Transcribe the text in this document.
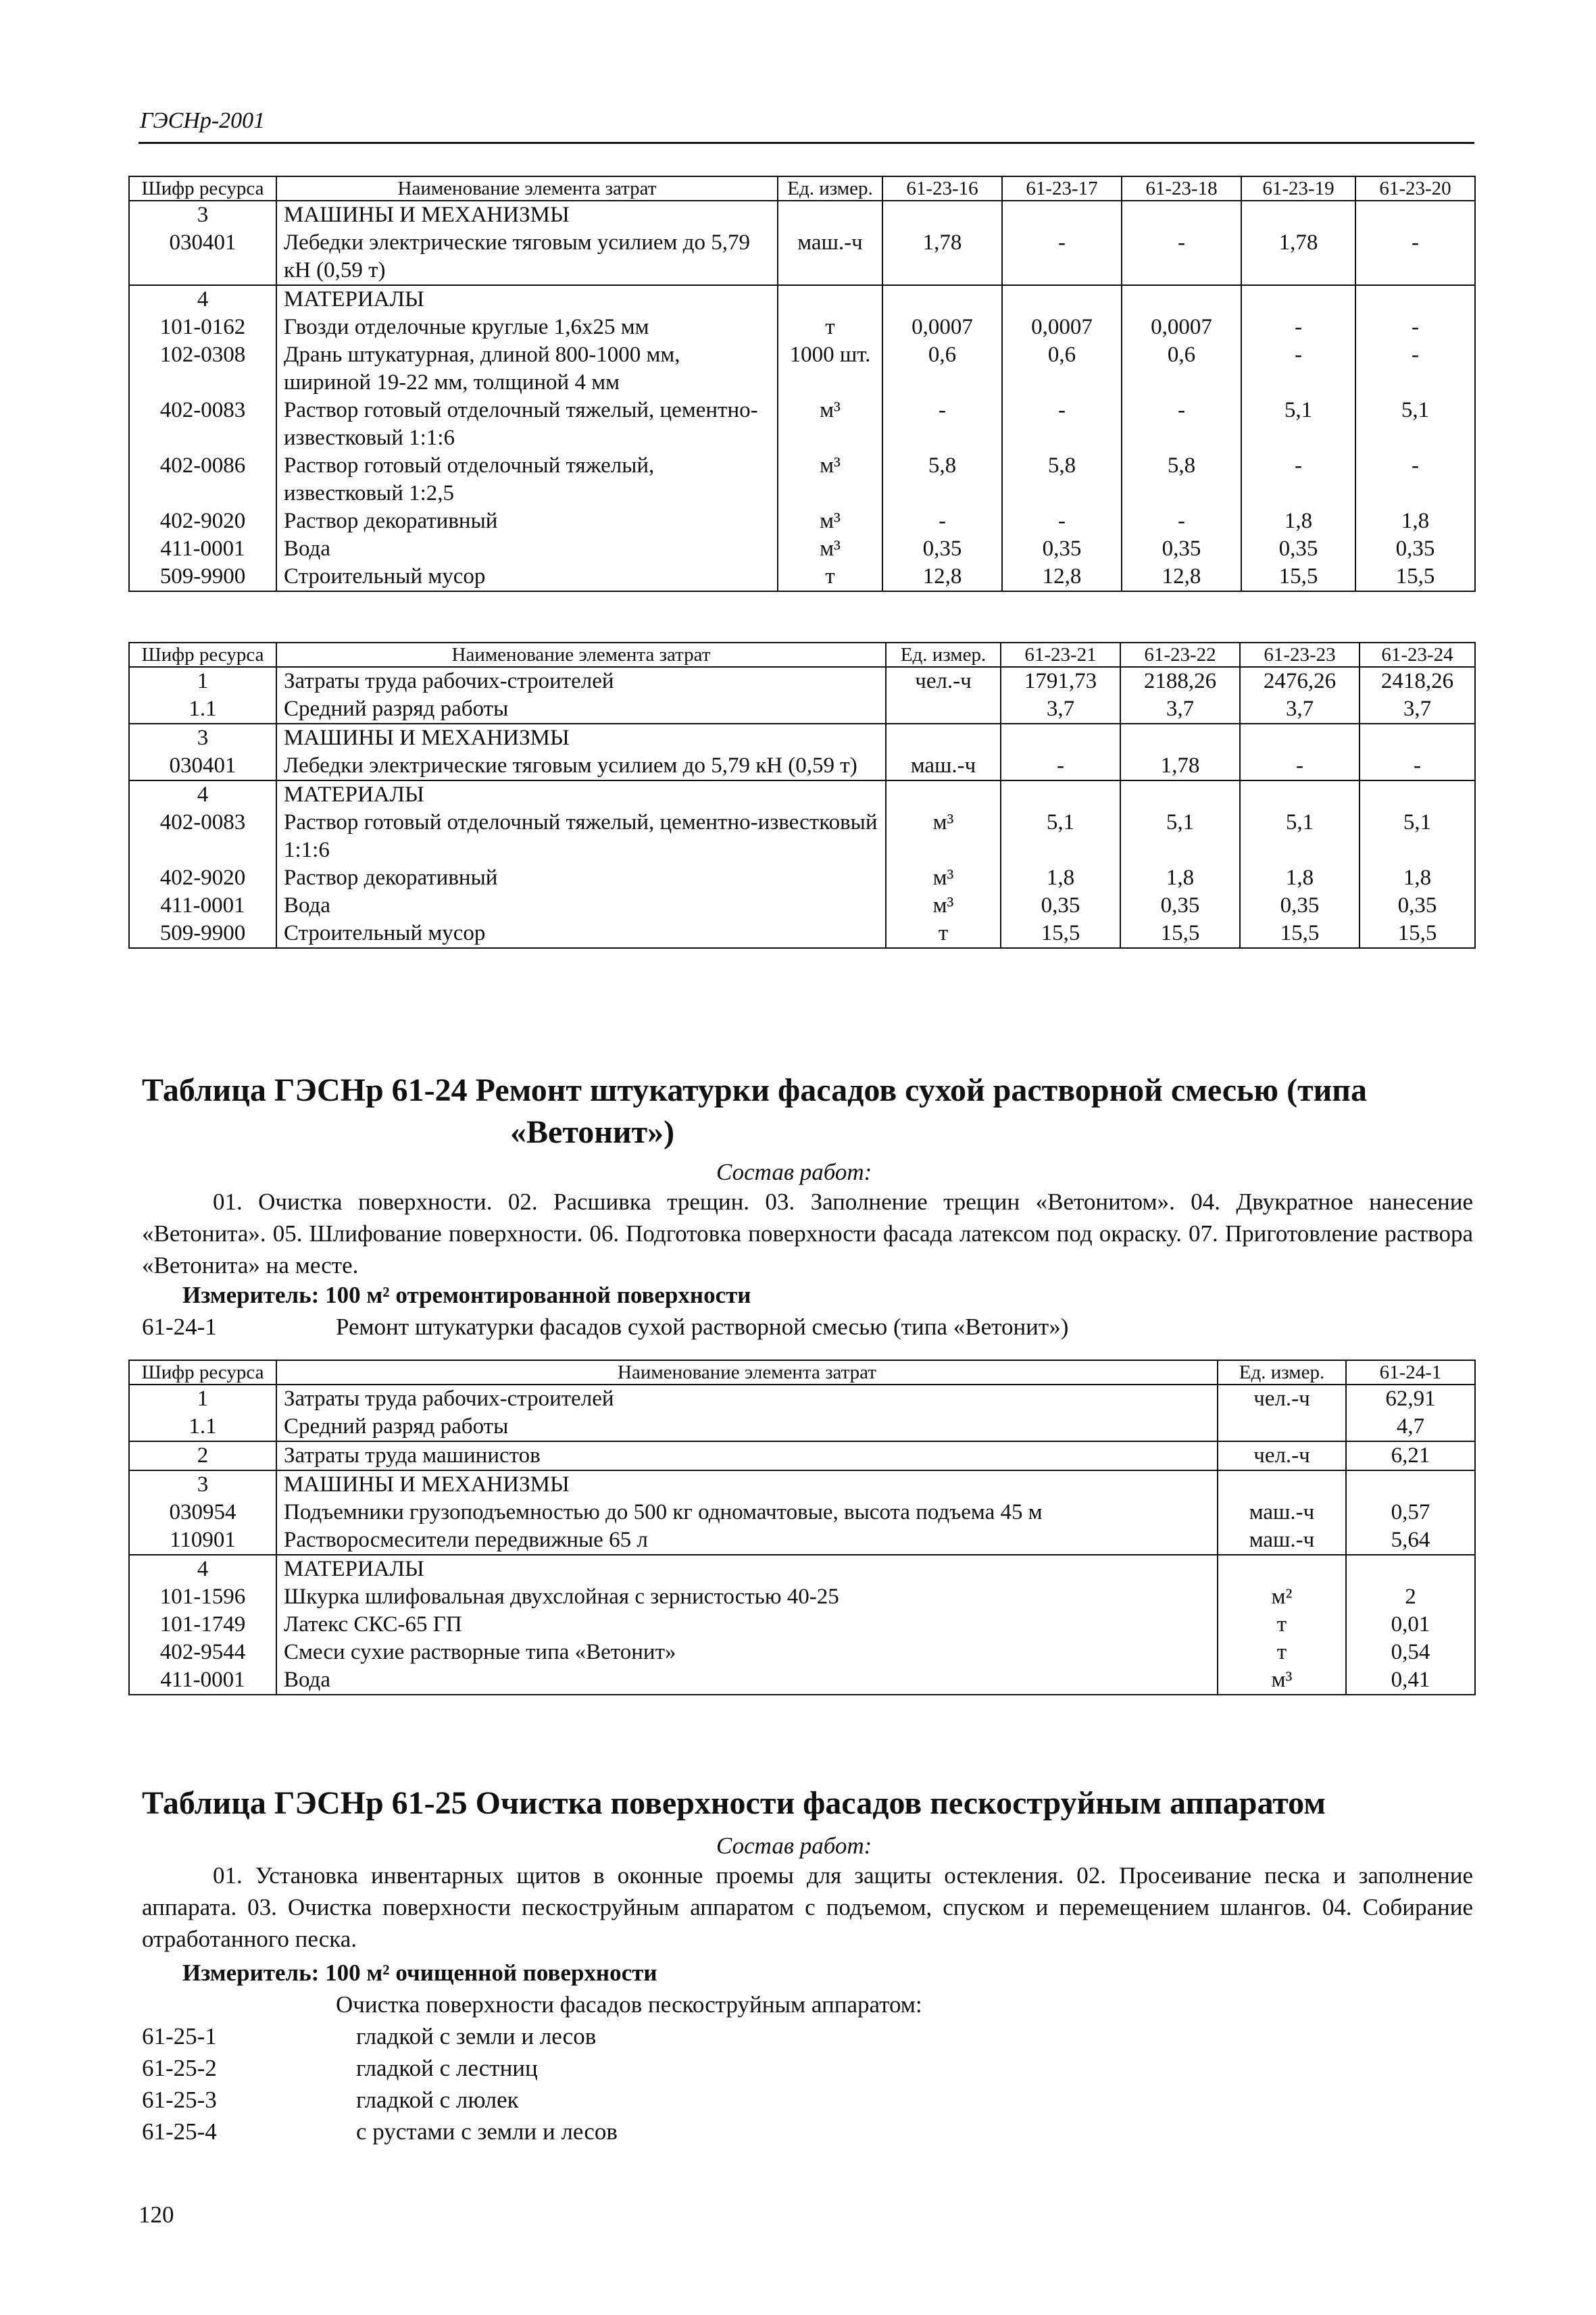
ГЭСНр-2001
Шифр ресурса	Наименование элемента затрат	Ед. измер.	61-23-16	61-23-17	61-23-18	61-23-19	61-23-20
3	МАШИНЫ И МЕХАНИЗМЫ						
030401	Лебедки электрические тяговым усилием до 5,79 кН (0,59 т)	маш.-ч	1,78	-	-	1,78	-
4	МАТЕРИАЛЫ						
101-0162	Гвозди отделочные круглые 1,6х25 мм	т	0,0007	0,0007	0,0007	-	-
102-0308	Дрань штукатурная, длиной 800-1000 мм, шириной 19-22 мм, толщиной 4 мм	1000 шт.	0,6	0,6	0,6	-	-
402-0083	Раствор готовый отделочный тяжелый, цементно-известковый 1:1:6	м³	-	-	-	5,1	5,1
402-0086	Раствор готовый отделочный тяжелый, известковый 1:2,5	м³	5,8	5,8	5,8	-	-
402-9020	Раствор декоративный	м³	-	-	-	1,8	1,8
411-0001	Вода	м³	0,35	0,35	0,35	0,35	0,35
509-9900	Строительный мусор	т	12,8	12,8	12,8	15,5	15,5
Шифр ресурса	Наименование элемента затрат	Ед. измер.	61-23-21	61-23-22	61-23-23	61-23-24
1	Затраты труда рабочих-строителей	чел.-ч	1791,73	2188,26	2476,26	2418,26
1.1	Средний разряд работы		3,7	3,7	3,7	3,7
3	МАШИНЫ И МЕХАНИЗМЫ					
030401	Лебедки электрические тяговым усилием до 5,79 кН (0,59 т)	маш.-ч	-	1,78	-	-
4	МАТЕРИАЛЫ					
402-0083	Раствор готовый отделочный тяжелый, цементно-известковый 1:1:6	м³	5,1	5,1	5,1	5,1
402-9020	Раствор декоративный	м³	1,8	1,8	1,8	1,8
411-0001	Вода	м³	0,35	0,35	0,35	0,35
509-9900	Строительный мусор	т	15,5	15,5	15,5	15,5
Таблица ГЭСНр 61-24 Ремонт штукатурки фасадов сухой растворной смесью (типа
«Ветонит»)
Состав работ:
01. Очистка поверхности. 02. Расшивка трещин. 03. Заполнение трещин «Ветонитом». 04. Двукратное нанесение «Ветонита». 05. Шлифование поверхности. 06. Подготовка поверхности фасада латексом под окраску. 07. Приготовление раствора «Ветонита» на месте.
Измеритель: 100 м² отремонтированной поверхности
61-24-1	Ремонт штукатурки фасадов сухой растворной смесью (типа «Ветонит»)
Шифр ресурса	Наименование элемента затрат	Ед. измер.	61-24-1
1	Затраты труда рабочих-строителей	чел.-ч	62,91
1.1	Средний разряд работы		4,7
2	Затраты труда машинистов	чел.-ч	6,21
3	МАШИНЫ И МЕХАНИЗМЫ		
030954	Подъемники грузоподъемностью до 500 кг одномачтовые, высота подъема 45 м	маш.-ч	0,57
110901	Растворосмесители передвижные 65 л	маш.-ч	5,64
4	МАТЕРИАЛЫ		
101-1596	Шкурка шлифовальная двухслойная с зернистостью 40-25	м²	2
101-1749	Латекс СКС-65 ГП	т	0,01
402-9544	Смеси сухие растворные типа «Ветонит»	т	0,54
411-0001	Вода	м³	0,41
Таблица ГЭСНр 61-25 Очистка поверхности фасадов пескоструйным аппаратом
Состав работ:
01. Установка инвентарных щитов в оконные проемы для защиты остекления. 02. Просеивание песка и заполнение аппарата. 03. Очистка поверхности пескоструйным аппаратом с подъемом, спуском и перемещением шлангов. 04. Собирание отработанного песка.
Измеритель: 100 м² очищенной поверхности
Очистка поверхности фасадов пескоструйным аппаратом:
61-25-1	гладкой с земли и лесов
61-25-2	гладкой с лестниц
61-25-3	гладкой с люлек
61-25-4	с рустами с земли и лесов
120
